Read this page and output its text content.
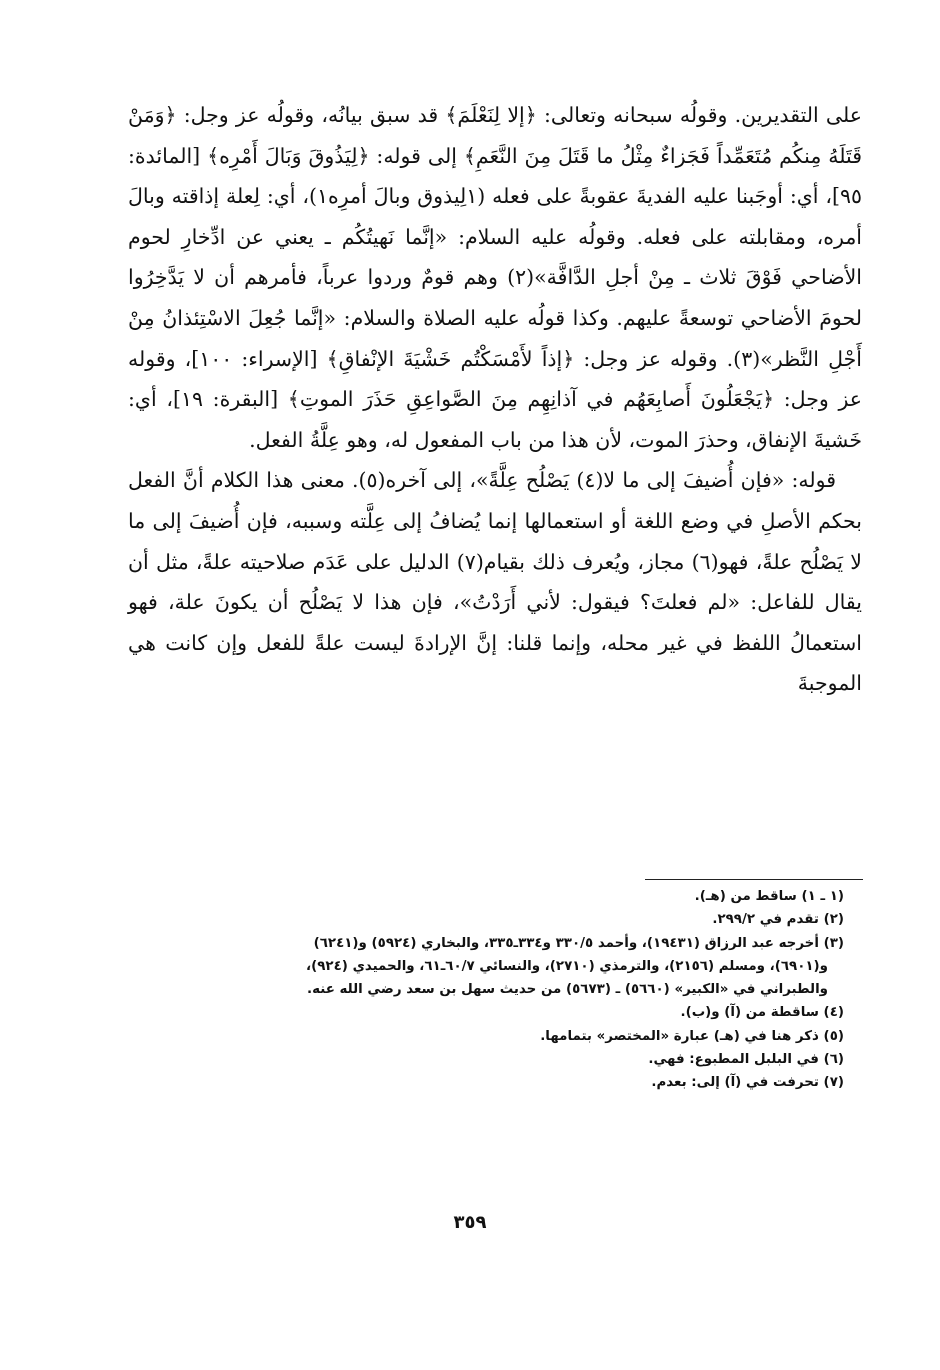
على التقديرين. وقولُه سبحانه وتعالى: ﴿إلا لِنَعْلَمَ﴾ قد سبق بيانُه، وقولُه عز وجل: ﴿وَمَنْ قَتَلَهُ مِنكُم مُتَعَمِّداً فَجَزاءٌ مِثْلُ ما قَتَلَ مِنَ النَّعَمِ﴾ إلى قوله: ﴿لِيَذُوقَ وَبَالَ أَمْرِه﴾ [المائدة: ٩٥]، أي: أوجَبنا عليه الفديةَ عقوبةً على فعله (١لِيذوق وبالَ أمرِه١)، أي: لِعلة إذاقته وبالَ أمره، ومقابلته على فعله. وقولُه عليه السلام: «إنَّما نَهيتُكُم ـ يعني عن ادِّخارِ لحوم الأضاحي فَوْقَ ثلاث ـ مِنْ أجلِ الدَّافَّة»(٢) وهم قومٌ وردوا عرباً، فأمرهم أن لا يَدَّخِرُوا لحومَ الأضاحي توسعةً عليهم. وكذا قولُه عليه الصلاة والسلام: «إنَّما جُعِلَ الاسْتِئذانُ مِنْ أَجْلِ النَّظر»(٣). وقوله عز وجل: ﴿إذاً لأَمْسَكْتُم خَشْيَةَ الإنْفاقِ﴾ [الإسراء: ١٠٠]، وقوله عز وجل: ﴿يَجْعَلُونَ أَصابِعَهُم في آذانِهِم مِنَ الصَّواعِقِ حَذَرَ الموتِ﴾ [البقرة: ١٩]، أي: خَشيةَ الإنفاق، وحذرَ الموت، لأن هذا من باب المفعول له، وهو عِلَّةُ الفعل.

قوله: «فإن أُضيفَ إلى ما لا(٤) يَصْلُح عِلَّةً»، إلى آخره(٥). معنى هذا الكلام أنَّ الفعل بحكم الأصلِ في وضع اللغة أو استعمالها إنما يُضافُ إلى عِلَّته وسببه، فإن أُضيفَ إلى ما لا يَصْلُح علةً، فهو(٦) مجاز، ويُعرف ذلك بقيام(٧) الدليل على عَدَم صلاحيته علةً، مثل أن يقال للفاعل: «لم فعلتَ؟ فيقول: لأني أَرَدْتُ»، فإن هذا لا يَصْلُح أن يكونَ علة، فهو استعمالُ اللفظ في غير محله، وإنما قلنا: إنَّ الإرادةَ ليست علةً للفعل وإن كانت هي الموجبةَ

(١ ـ ١) ساقط من (هـ).

(٢) تقدم في ٢٩٩/٢.

(٣) أخرجه عبد الرزاق (١٩٤٣١)، وأحمد ٣٣٠/٥ و٣٣٤ـ٣٣٥، والبخاري (٥٩٢٤) و(٦٢٤١)

و(٦٩٠١)، ومسلم (٢١٥٦)، والترمذي (٢٧١٠)، والنسائي ٦٠/٧ـ٦١، والحميدي (٩٢٤)،

والطبراني في «الكبير» (٥٦٦٠) ـ (٥٦٧٣) من حديث سهل بن سعد رضي الله عنه.

(٤) ساقطة من (آ) و(ب).

(٥) ذكر هنا في (هـ) عبارة «المختصر» بتمامها.

(٦) في البلبل المطبوع: فهي.

(٧) تحرفت في (آ) إلى: بعدم.

٣٥٩
